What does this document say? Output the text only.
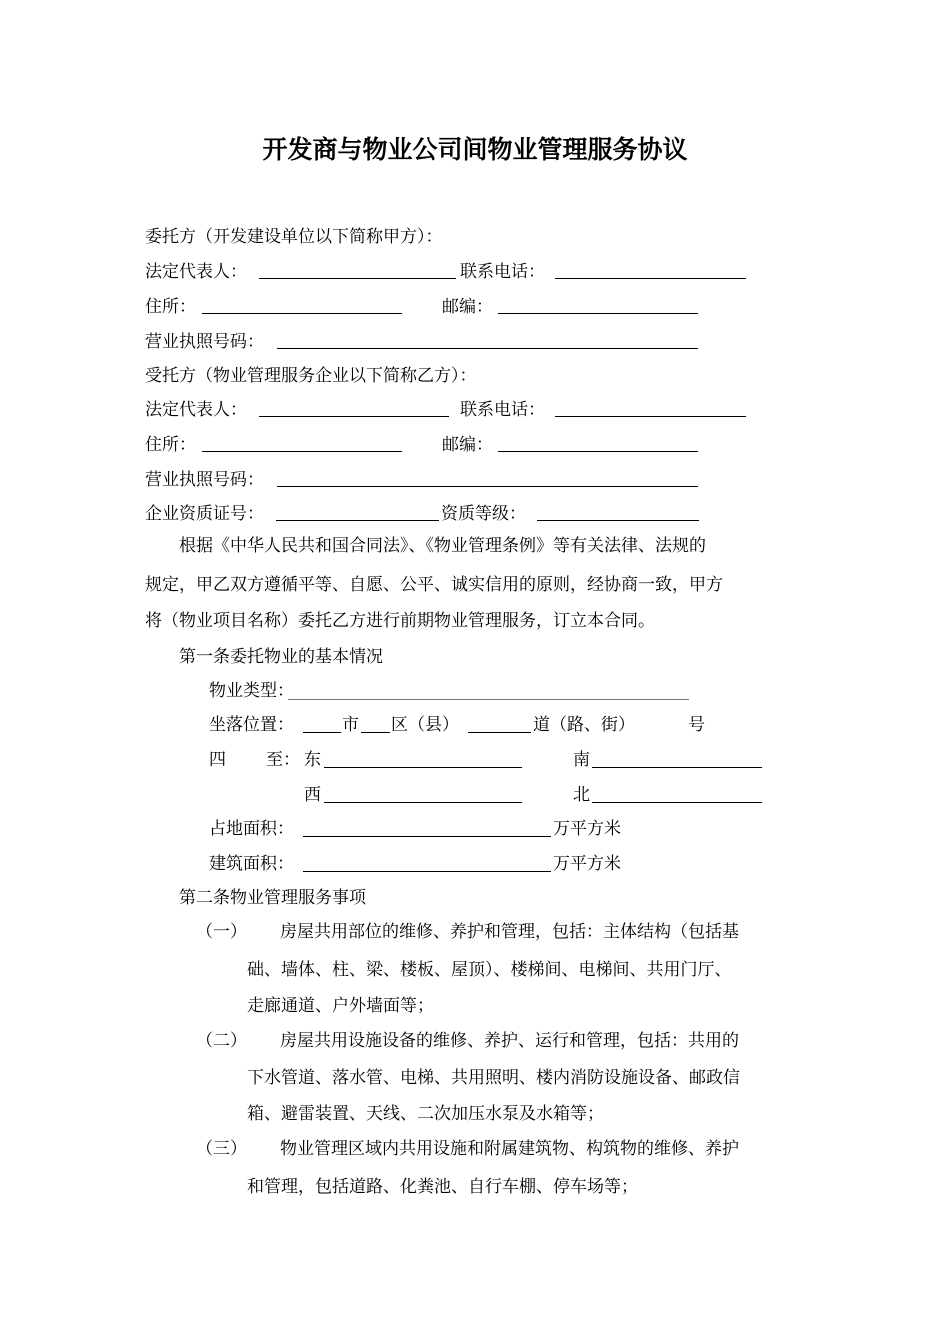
开发商与物业公司间物业管理服务协议
委托方（开发建设单位以下简称甲方）：
法定代表人：	联系电话：
住所：	邮编：
营业执照号码：
受托方（物业管理服务企业以下简称乙方）：
法定代表人：	联系电话：
住所：	邮编：
营业执照号码：
企业资质证号：	资质等级：
根据《中华人民共和国合同法》、《物业管理条例》等有关法律、法规的
规定，甲乙双方遵循平等、自愿、公平、诚实信用的原则，经协商一致，甲方
将（物业项目名称）委托乙方进行前期物业管理服务，订立本合同。
第一条委托物业的基本情况
物业类型：
坐落位置：	市 区（县）	道（路、街）	号
四 至： 东	南
西	北
占地面积：	万平方米
建筑面积：	万平方米
第二条物业管理服务事项
（一） 房屋共用部位的维修、养护和管理，包括：主体结构（包括基
础、墙体、柱、梁、楼板、屋顶）、楼梯间、电梯间、共用门厅、
走廊通道、户外墙面等；
（二） 房屋共用设施设备的维修、养护、运行和管理，包括：共用的
下水管道、落水管、电梯、共用照明、楼内消防设施设备、邮政信
箱、避雷装置、天线、二次加压水泵及水箱等；
（三） 物业管理区域内共用设施和附属建筑物、构筑物的维修、养护
和管理，包括道路、化粪池、自行车棚、停车场等；
